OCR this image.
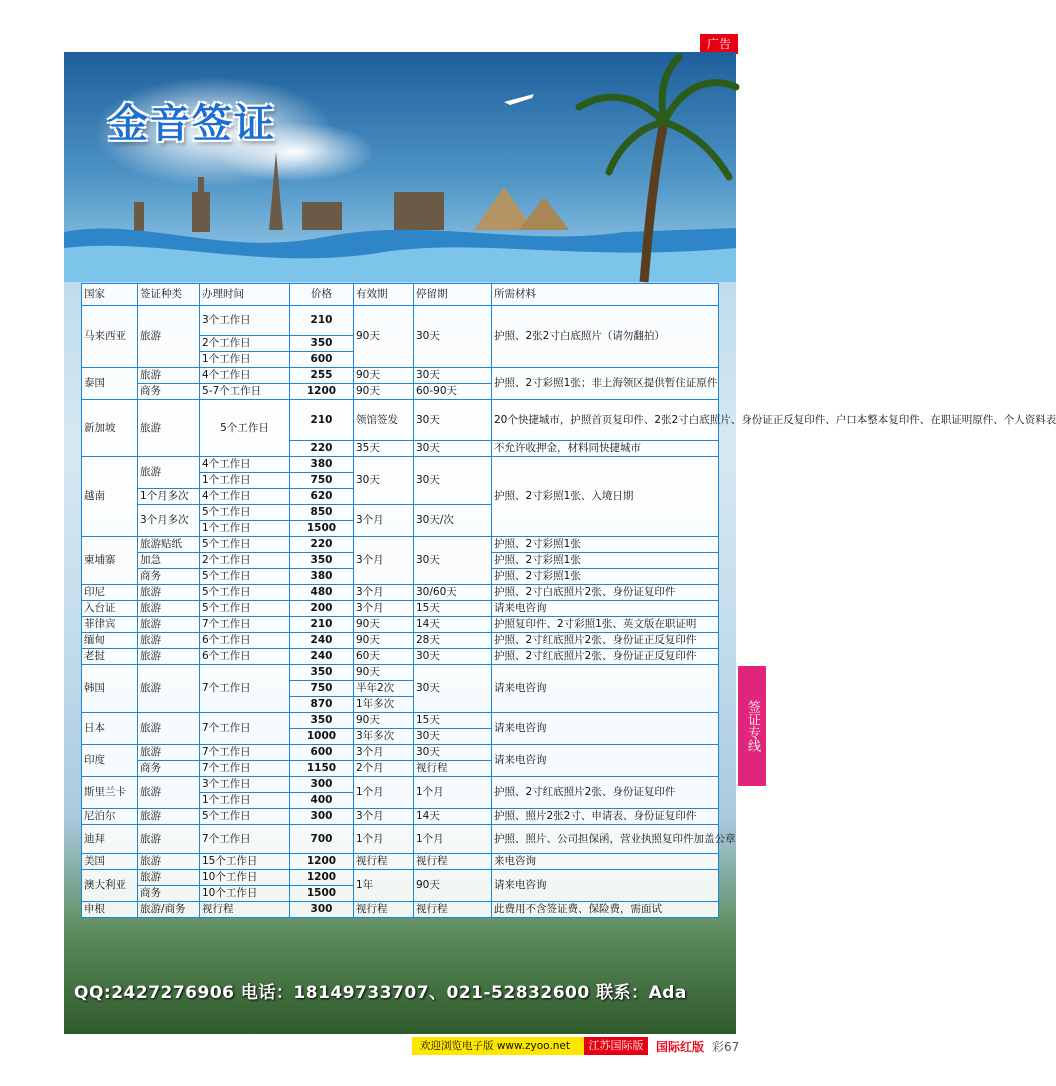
广告
金音签证
国家	签证种类	办理时间	价格	有效期	停留期	所需材料
马来西亚	旅游	3个工作日	210	90天	30天	护照、2张2寸白底照片（请勿翻拍）
		2个工作日	350			
		1个工作日	600			
泰国	旅游	4个工作日	255	90天	30天	护照、2寸彩照1张；非上海领区提供暂住证原件
	商务	5-7个工作日	1200	90天	60-90天	
新加坡	旅游	5个工作日	210	领馆签发	30天	20个快捷城市，护照首页复印件、2张2寸白底照片、身份证正反复印件、户口本整本复印件、在职证明原件、个人资料表
			220	35天	30天	不允许收押金，材料同快捷城市
越南	旅游	4个工作日	380	30天	30天	护照、2寸彩照1张、入境日期
		1个工作日	750			
	1个月多次	4个工作日	620			
	3个月多次	5个工作日	850	3个月	30天/次	
		1个工作日	1500			
柬埔寨	旅游贴纸	5个工作日	220	3个月	30天	护照、2寸彩照1张
	加急	2个工作日	350			护照、2寸彩照1张
	商务	5个工作日	380			护照、2寸彩照1张
印尼	旅游	5个工作日	480	3个月	30/60天	护照、2寸白底照片2张、身份证复印件
入台证	旅游	5个工作日	200	3个月	15天	请来电咨询
菲律宾	旅游	7个工作日	210	90天	14天	护照复印件、2寸彩照1张、英文版在职证明
缅甸	旅游	6个工作日	240	90天	28天	护照、2寸红底照片2张、身份证正反复印件
老挝	旅游	6个工作日	240	60天	30天	护照、2寸红底照片2张、身份证正反复印件
韩国	旅游	7个工作日	350	90天	30天	请来电咨询
			750	半年2次		
			870	1年多次		
日本	旅游	7个工作日	350	90天	15天	请来电咨询
			1000	3年多次	30天	
印度	旅游	7个工作日	600	3个月	30天	请来电咨询
	商务	7个工作日	1150	2个月	视行程	
斯里兰卡	旅游	3个工作日	300	1个月	1个月	护照、2寸红底照片2张、身份证复印件
		1个工作日	400			
尼泊尔	旅游	5个工作日	300	3个月	14天	护照、照片2张2寸、申请表、身份证复印件
迪拜	旅游	7个工作日	700	1个月	1个月	护照、照片、公司担保函，营业执照复印件加盖公章
美国	旅游	15个工作日	1200	视行程	视行程	来电咨询
澳大利亚	旅游	10个工作日	1200	1年	90天	请来电咨询
	商务	10个工作日	1500			
申根	旅游/商务	视行程	300	视行程	视行程	此费用不含签证费、保险费，需面试
QQ:2427276906 电话：18149733707、021-52832600 联系：Ada
签证专线
欢迎浏览电子版 www.zyoo.net	江苏国际版	国际红版 彩67
